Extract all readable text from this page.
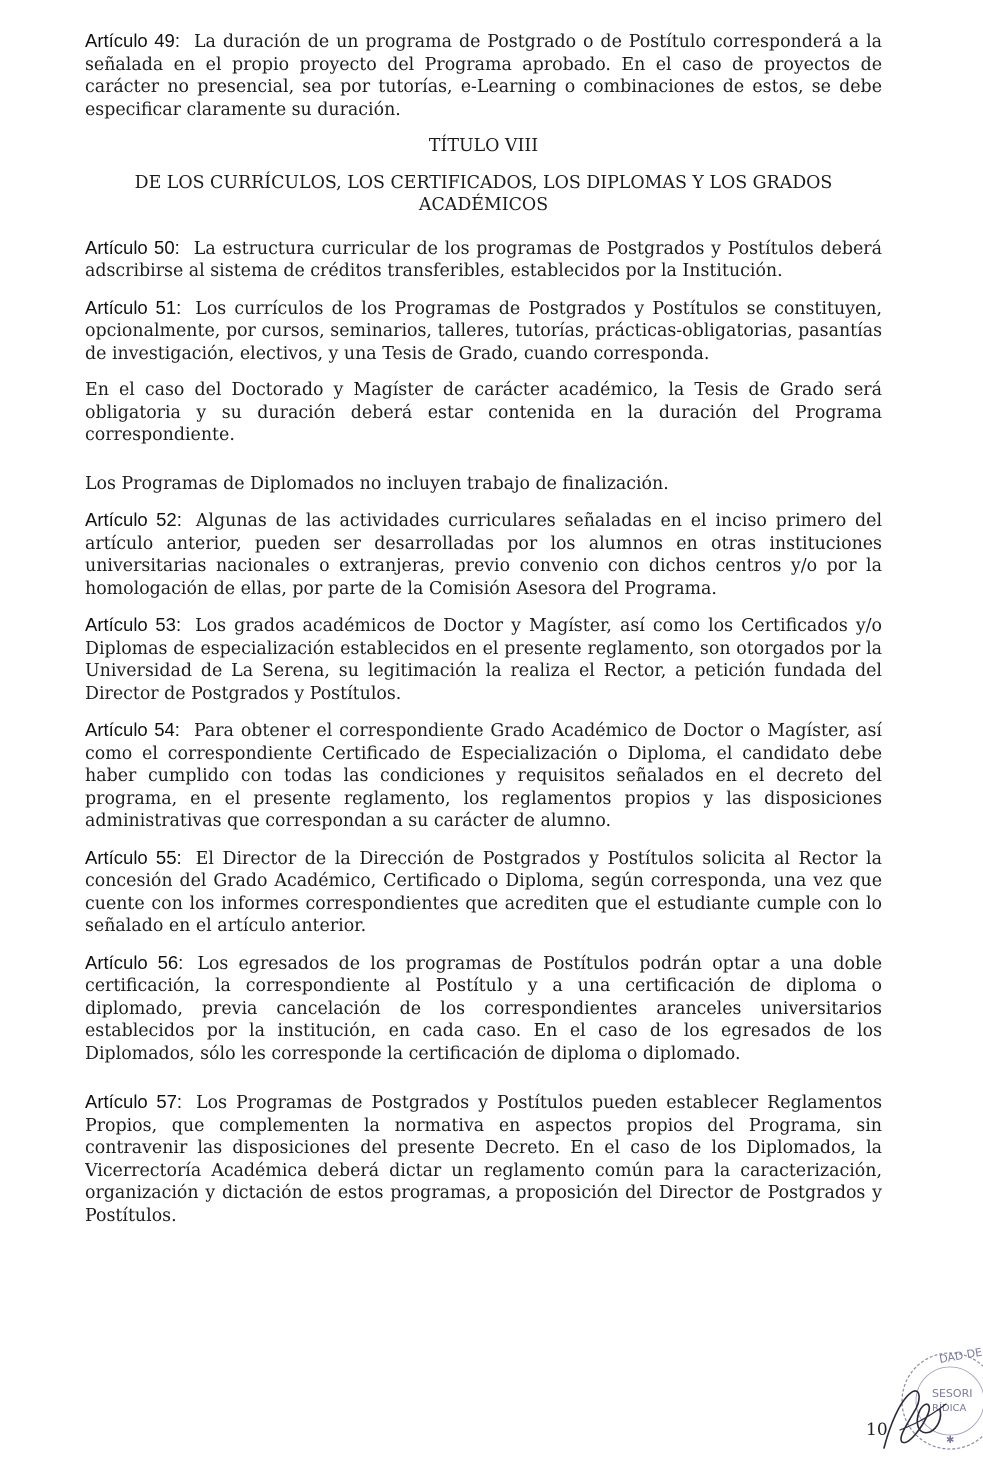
Artículo 49: La duración de un programa de Postgrado o de Postítulo corresponderá a la señalada en el propio proyecto del Programa aprobado. En el caso de proyectos de carácter no presencial, sea por tutorías, e-Learning o combinaciones de estos, se debe especificar claramente su duración.

TÍTULO VIII

DE LOS CURRÍCULOS, LOS CERTIFICADOS, LOS DIPLOMAS Y LOS GRADOS ACADÉMICOS

Artículo 50: La estructura curricular de los programas de Postgrados y Postítulos deberá adscribirse al sistema de créditos transferibles, establecidos por la Institución.

Artículo 51: Los currículos de los Programas de Postgrados y Postítulos se constituyen, opcionalmente, por cursos, seminarios, talleres, tutorías, prácticas-obligatorias, pasantías de investigación, electivos, y una Tesis de Grado, cuando corresponda.

En el caso del Doctorado y Magíster de carácter académico, la Tesis de Grado será obligatoria y su duración deberá estar contenida en la duración del Programa correspondiente.

Los Programas de Diplomados no incluyen trabajo de finalización.

Artículo 52: Algunas de las actividades curriculares señaladas en el inciso primero del artículo anterior, pueden ser desarrolladas por los alumnos en otras instituciones universitarias nacionales o extranjeras, previo convenio con dichos centros y/o por la homologación de ellas, por parte de la Comisión Asesora del Programa.

Artículo 53: Los grados académicos de Doctor y Magíster, así como los Certificados y/o Diplomas de especialización establecidos en el presente reglamento, son otorgados por la Universidad de La Serena, su legitimación la realiza el Rector, a petición fundada del Director de Postgrados y Postítulos.

Artículo 54: Para obtener el correspondiente Grado Académico de Doctor o Magíster, así como el correspondiente Certificado de Especialización o Diploma, el candidato debe haber cumplido con todas las condiciones y requisitos señalados en el decreto del programa, en el presente reglamento, los reglamentos propios y las disposiciones administrativas que correspondan a su carácter de alumno.

Artículo 55: El Director de la Dirección de Postgrados y Postítulos solicita al Rector la concesión del Grado Académico, Certificado o Diploma, según corresponda, una vez que cuente con los informes correspondientes que acrediten que el estudiante cumple con lo señalado en el artículo anterior.

Artículo 56: Los egresados de los programas de Postítulos podrán optar a una doble certificación, la correspondiente al Postítulo y a una certificación de diploma o diplomado, previa cancelación de los correspondientes aranceles universitarios establecidos por la institución, en cada caso. En el caso de los egresados de los Diplomados, sólo les corresponde la certificación de diploma o diplomado.

Artículo 57: Los Programas de Postgrados y Postítulos pueden establecer Reglamentos Propios, que complementen la normativa en aspectos propios del Programa, sin contravenir las disposiciones del presente Decreto. En el caso de los Diplomados, la Vicerrectoría Académica deberá dictar un reglamento común para la caracterización, organización y dictación de estos programas, a proposición del Director de Postgrados y Postítulos.

DAD DE
SESORI
RÍDICA
✱
10
